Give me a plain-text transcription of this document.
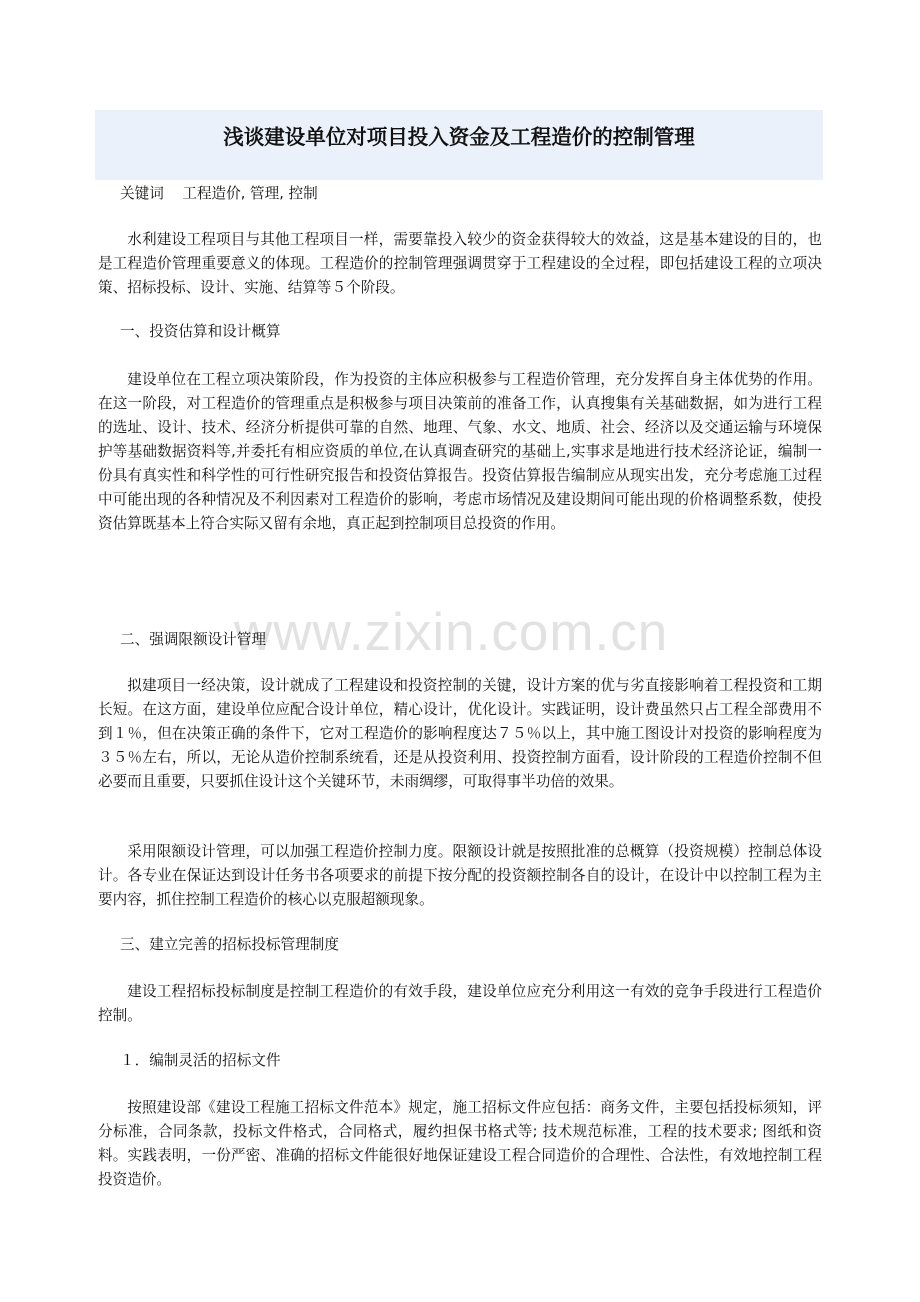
浅谈建设单位对项目投入资金及工程造价的控制管理

关键词 工程造价, 管理, 控制

水利建设工程项目与其他工程项目一样，需要靠投入较少的资金获得较大的效益，这是基本建设的目的，也是工程造价管理重要意义的体现。工程造价的控制管理强调贯穿于工程建设的全过程，即包括建设工程的立项决策、招标投标、设计、实施、结算等５个阶段。

一、投资估算和设计概算

建设单位在工程立项决策阶段，作为投资的主体应积极参与工程造价管理，充分发挥自身主体优势的作用。在这一阶段，对工程造价的管理重点是积极参与项目决策前的准备工作，认真搜集有关基础数据，如为进行工程的选址、设计、技术、经济分析提供可靠的自然、地理、气象、水文、地质、社会、经济以及交通运输与环境保护等基础数据资料等,并委托有相应资质的单位,在认真调查研究的基础上,实事求是地进行技术经济论证，编制一份具有真实性和科学性的可行性研究报告和投资估算报告。投资估算报告编制应从现实出发，充分考虑施工过程中可能出现的各种情况及不利因素对工程造价的影响，考虑市场情况及建设期间可能出现的价格调整系数，使投资估算既基本上符合实际又留有余地，真正起到控制项目总投资的作用。

www.zixin.com.cn

二、强调限额设计管理

拟建项目一经决策，设计就成了工程建设和投资控制的关键，设计方案的优与劣直接影响着工程投资和工期长短。在这方面，建设单位应配合设计单位，精心设计，优化设计。实践证明，设计费虽然只占工程全部费用不到１％，但在决策正确的条件下，它对工程造价的影响程度达７５％以上，其中施工图设计对投资的影响程度为３５％左右，所以，无论从造价控制系统看，还是从投资利用、投资控制方面看，设计阶段的工程造价控制不但必要而且重要，只要抓住设计这个关键环节，未雨绸缪，可取得事半功倍的效果。

采用限额设计管理，可以加强工程造价控制力度。限额设计就是按照批准的总概算（投资规模）控制总体设计。各专业在保证达到设计任务书各项要求的前提下按分配的投资额控制各自的设计，在设计中以控制工程为主要内容，抓住控制工程造价的核心以克服超额现象。

三、建立完善的招标投标管理制度

建设工程招标投标制度是控制工程造价的有效手段，建设单位应充分利用这一有效的竞争手段进行工程造价控制。

１．编制灵活的招标文件

按照建设部《建设工程施工招标文件范本》规定，施工招标文件应包括：商务文件，主要包括投标须知，评分标准，合同条款，投标文件格式，合同格式，履约担保书格式等; 技术规范标准，工程的技术要求; 图纸和资料。实践表明，一份严密、准确的招标文件能很好地保证建设工程合同造价的合理性、合法性，有效地控制工程投资造价。
